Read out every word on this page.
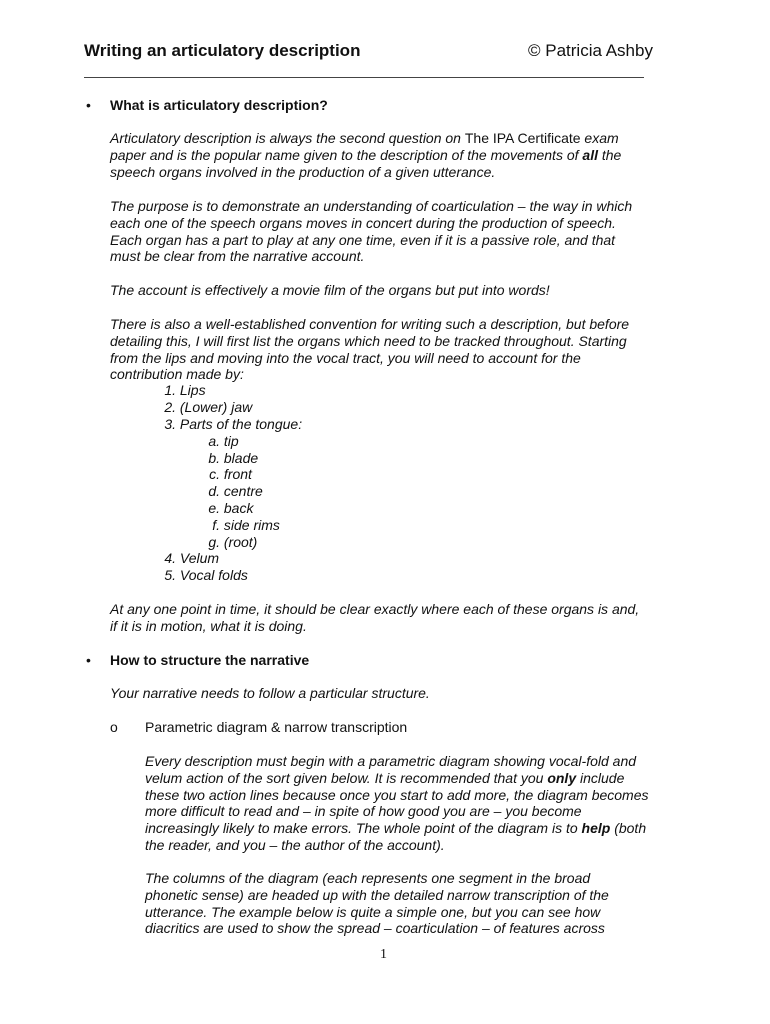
Writing an articulatory description	© Patricia Ashby
• What is articulatory description?

Articulatory description is always the second question on The IPA Certificate exam paper and is the popular name given to the description of the movements of all the speech organs involved in the production of a given utterance.

The purpose is to demonstrate an understanding of coarticulation – the way in which each one of the speech organs moves in concert during the production of speech. Each organ has a part to play at any one time, even if it is a passive role, and that must be clear from the narrative account.

The account is effectively a movie film of the organs but put into words!

There is also a well-established convention for writing such a description, but before detailing this, I will first list the organs which need to be tracked throughout. Starting from the lips and moving into the vocal tract, you will need to account for the contribution made by:

1. Lips
2. (Lower) jaw
3. Parts of the tongue:
a. tip
b. blade
c. front
d. centre
e. back
f. side rims
g. (root)
4. Velum
5. Vocal folds

At any one point in time, it should be clear exactly where each of these organs is and, if it is in motion, what it is doing.

• How to structure the narrative

Your narrative needs to follow a particular structure.

o Parametric diagram & narrow transcription

Every description must begin with a parametric diagram showing vocal-fold and velum action of the sort given below. It is recommended that you only include these two action lines because once you start to add more, the diagram becomes more difficult to read and – in spite of how good you are – you become increasingly likely to make errors. The whole point of the diagram is to help (both the reader, and you – the author of the account).

The columns of the diagram (each represents one segment in the broad phonetic sense) are headed up with the detailed narrow transcription of the utterance. The example below is quite a simple one, but you can see how diacritics are used to show the spread – coarticulation – of features across

1
